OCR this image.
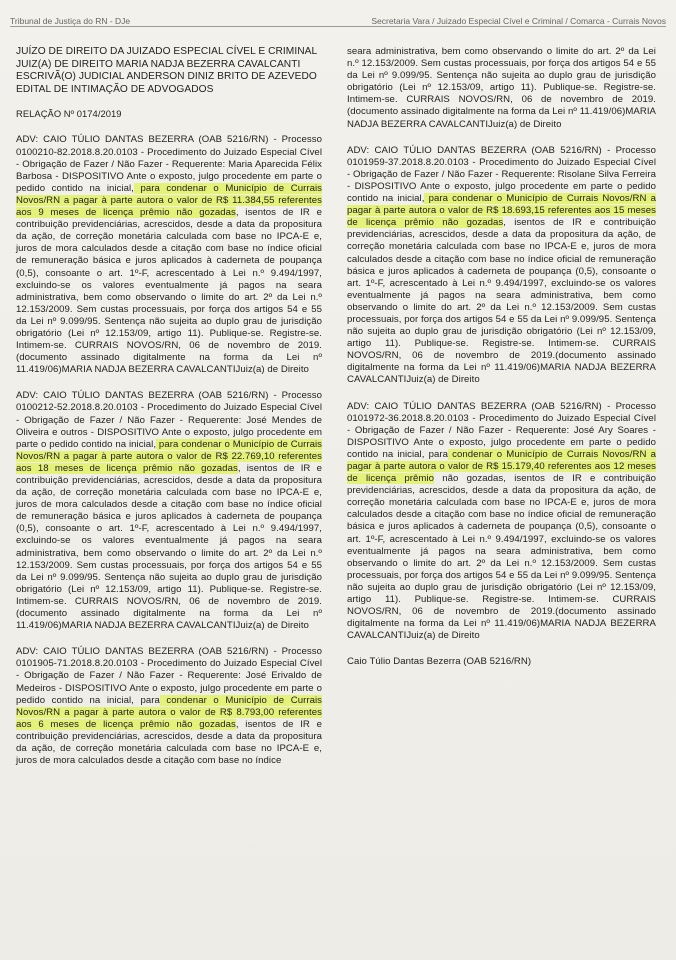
Tribunal de Justiça do RN - DJe	Secretaria Vara / Juizado Especial Cível e Criminal / Comarca - Currais Novos

JUÍZO DE DIREITO DA JUIZADO ESPECIAL CÍVEL E CRIMINAL

JUIZ(A) DE DIREITO MARIA NADJA BEZERRA CAVALCANTI

ESCRIVÃ(O) JUDICIAL ANDERSON DINIZ BRITO DE AZEVEDO

EDITAL DE INTIMAÇÃO DE ADVOGADOS

RELAÇÃO Nº 0174/2019

ADV: CAIO TÚLIO DANTAS BEZERRA (OAB 5216/RN) - Processo 0100210-82.2018.8.20.0103 - Procedimento do Juizado Especial Cível - Obrigação de Fazer / Não Fazer - Requerente: Maria Aparecida Félix Barbosa - DISPOSITIVO Ante o exposto, julgo procedente em parte o pedido contido na inicial, para condenar o Município de Currais Novos/RN a pagar à parte autora o valor de R$ 11.384,55 referentes aos 9 meses de licença prêmio não gozadas, isentos de IR e contribuição previdenciárias, acrescidos, desde a data da propositura da ação, de correção monetária calculada com base no IPCA-E e, juros de mora calculados desde a citação com base no índice oficial de remuneração básica e juros aplicados à caderneta de poupança (0,5), consoante o art. 1º-F, acrescentado à Lei n.º 9.494/1997, excluindo-se os valores eventualmente já pagos na seara administrativa, bem como observando o limite do art. 2º da Lei n.º 12.153/2009. Sem custas processuais, por força dos artigos 54 e 55 da Lei nº 9.099/95. Sentença não sujeita ao duplo grau de jurisdição obrigatório (Lei nº 12.153/09, artigo 11). Publique-se. Registre-se. Intimem-se. CURRAIS NOVOS/RN, 06 de novembro de 2019.(documento assinado digitalmente na forma da Lei nº 11.419/06)MARIA NADJA BEZERRA CAVALCANTIJuiz(a) de Direito

ADV: CAIO TÚLIO DANTAS BEZERRA (OAB 5216/RN) - Processo 0100212-52.2018.8.20.0103 - Procedimento do Juizado Especial Cível - Obrigação de Fazer / Não Fazer - Requerente: José Mendes de Oliveira e outros - DISPOSITIVO Ante o exposto, julgo procedente em parte o pedido contido na inicial, para condenar o Município de Currais Novos/RN a pagar à parte autora o valor de R$ 22.769,10 referentes aos 18 meses de licença prêmio não gozadas, isentos de IR e contribuição previdenciárias, acrescidos, desde a data da propositura da ação, de correção monetária calculada com base no IPCA-E e, juros de mora calculados desde a citação com base no índice oficial de remuneração básica e juros aplicados à caderneta de poupança (0,5), consoante o art. 1º-F, acrescentado à Lei n.º 9.494/1997, excluindo-se os valores eventualmente já pagos na seara administrativa, bem como observando o limite do art. 2º da Lei n.º 12.153/2009. Sem custas processuais, por força dos artigos 54 e 55 da Lei nº 9.099/95. Sentença não sujeita ao duplo grau de jurisdição obrigatório (Lei nº 12.153/09, artigo 11). Publique-se. Registre-se. Intimem-se. CURRAIS NOVOS/RN, 06 de novembro de 2019.(documento assinado digitalmente na forma da Lei nº 11.419/06)MARIA NADJA BEZERRA CAVALCANTIJuiz(a) de Direito

ADV: CAIO TÚLIO DANTAS BEZERRA (OAB 5216/RN) - Processo 0101905-71.2018.8.20.0103 - Procedimento do Juizado Especial Cível - Obrigação de Fazer / Não Fazer - Requerente: José Erivaldo de Medeiros - DISPOSITIVO Ante o exposto, julgo procedente em parte o pedido contido na inicial, para condenar o Município de Currais Novos/RN a pagar à parte autora o valor de R$ 8.793,00 referentes aos 6 meses de licença prêmio não gozadas, isentos de IR e contribuição previdenciárias, acrescidos, desde a data da propositura da ação, de correção monetária calculada com base no IPCA-E e, juros de mora calculados desde a citação com base no índice

seara administrativa, bem como observando o limite do art. 2º da Lei n.º 12.153/2009. Sem custas processuais, por força dos artigos 54 e 55 da Lei nº 9.099/95. Sentença não sujeita ao duplo grau de jurisdição obrigatório (Lei nº 12.153/09, artigo 11). Publique-se. Registre-se. Intimem-se. CURRAIS NOVOS/RN, 06 de novembro de 2019.(documento assinado digitalmente na forma da Lei nº 11.419/06)MARIA NADJA BEZERRA CAVALCANTIJuiz(a) de Direito

ADV: CAIO TÚLIO DANTAS BEZERRA (OAB 5216/RN) - Processo 0101959-37.2018.8.20.0103 - Procedimento do Juizado Especial Cível - Obrigação de Fazer / Não Fazer - Requerente: Risolane Silva Ferreira - DISPOSITIVO Ante o exposto, julgo procedente em parte o pedido contido na inicial, para condenar o Município de Currais Novos/RN a pagar à parte autora o valor de R$ 18.693,15 referentes aos 15 meses de licença prêmio não gozadas, isentos de IR e contribuição previdenciárias, acrescidos, desde a data da propositura da ação, de correção monetária calculada com base no IPCA-E e, juros de mora calculados desde a citação com base no índice oficial de remuneração básica e juros aplicados à caderneta de poupança (0,5), consoante o art. 1º-F, acrescentado à Lei n.º 9.494/1997, excluindo-se os valores eventualmente já pagos na seara administrativa, bem como observando o limite do art. 2º da Lei n.º 12.153/2009. Sem custas processuais, por força dos artigos 54 e 55 da Lei nº 9.099/95. Sentença não sujeita ao duplo grau de jurisdição obrigatório (Lei nº 12.153/09, artigo 11). Publique-se. Registre-se. Intimem-se. CURRAIS NOVOS/RN, 06 de novembro de 2019.(documento assinado digitalmente na forma da Lei nº 11.419/06)MARIA NADJA BEZERRA CAVALCANTIJuiz(a) de Direito

ADV: CAIO TÚLIO DANTAS BEZERRA (OAB 5216/RN) - Processo 0101972-36.2018.8.20.0103 - Procedimento do Juizado Especial Cível - Obrigação de Fazer / Não Fazer - Requerente: José Ary Soares - DISPOSITIVO Ante o exposto, julgo procedente em parte o pedido contido na inicial, para condenar o Município de Currais Novos/RN a pagar à parte autora o valor de R$ 15.179,40 referentes aos 12 meses de licença prêmio não gozadas, isentos de IR e contribuição previdenciárias, acrescidos, desde a data da propositura da ação, de correção monetária calculada com base no IPCA-E e, juros de mora calculados desde a citação com base no índice oficial de remuneração básica e juros aplicados à caderneta de poupança (0,5), consoante o art. 1º-F, acrescentado à Lei n.º 9.494/1997, excluindo-se os valores eventualmente já pagos na seara administrativa, bem como observando o limite do art. 2º da Lei n.º 12.153/2009. Sem custas processuais, por força dos artigos 54 e 55 da Lei nº 9.099/95. Sentença não sujeita ao duplo grau de jurisdição obrigatório (Lei nº 12.153/09, artigo 11). Publique-se. Registre-se. Intimem-se. CURRAIS NOVOS/RN, 06 de novembro de 2019.(documento assinado digitalmente na forma da Lei nº 11.419/06)MARIA NADJA BEZERRA CAVALCANTIJuiz(a) de Direito

Caio Túlio Dantas Bezerra (OAB 5216/RN)
